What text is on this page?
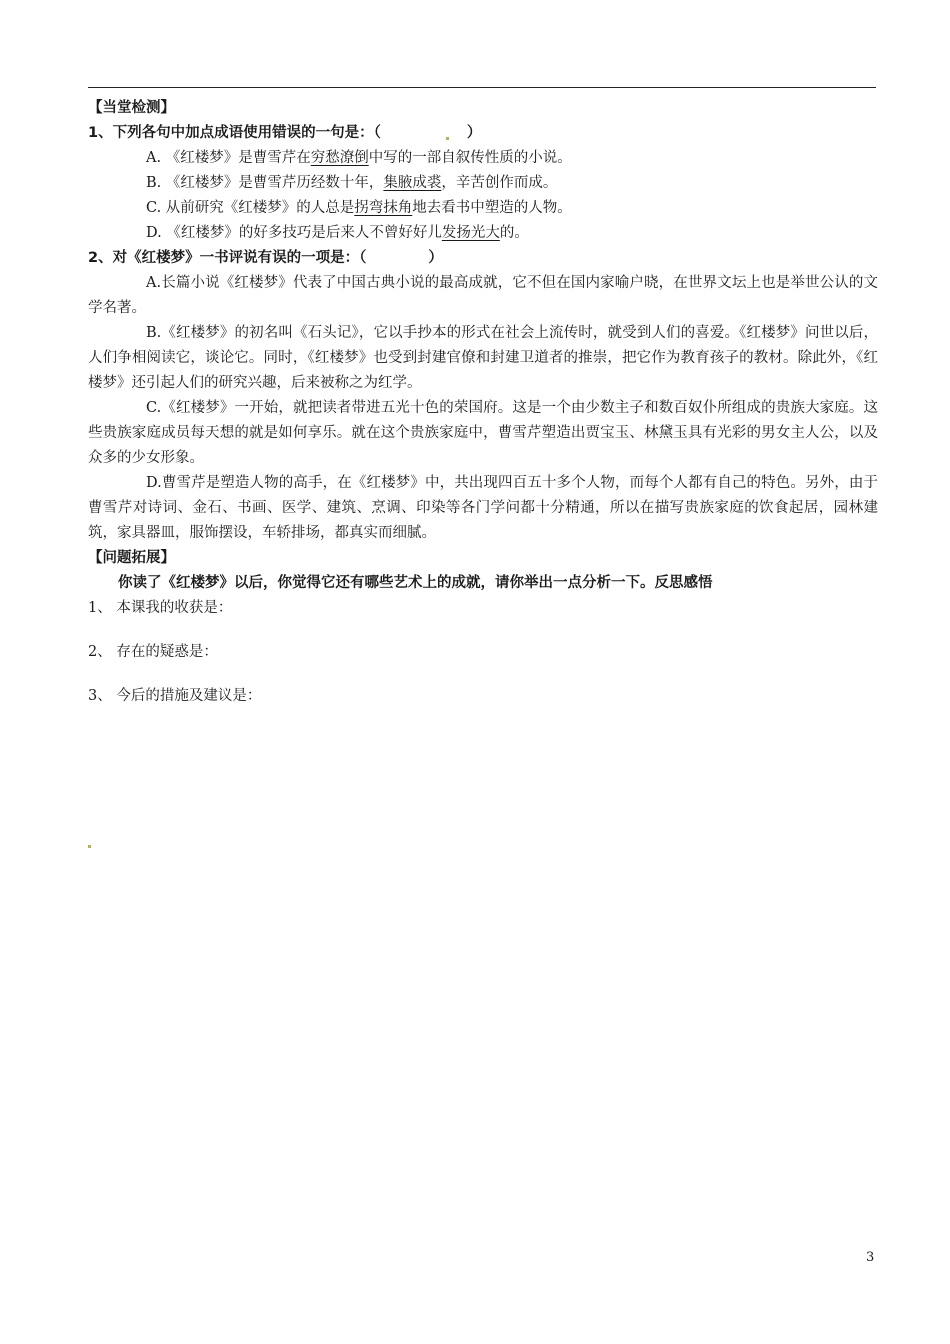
【当堂检测】
1、下列各句中加点成语使用错误的一句是：（	）
A. 《红楼梦》是曹雪芹在穷愁潦倒中写的一部自叙传性质的小说。
B. 《红楼梦》是曹雪芹历经数十年，集腋成裘，辛苦创作而成。
C. 从前研究《红楼梦》的人总是拐弯抹角地去看书中塑造的人物。
D. 《红楼梦》的好多技巧是后来人不曾好好儿发扬光大的。
2、对《红楼梦》一书评说有误的一项是：（	）
A.长篇小说《红楼梦》代表了中国古典小说的最高成就，它不但在国内家喻户晓，在世界文坛上也是举世公认的文学名著。
B.《红楼梦》的初名叫《石头记》，它以手抄本的形式在社会上流传时，就受到人们的喜爱。《红楼梦》问世以后，人们争相阅读它，谈论它。同时，《红楼梦》也受到封建官僚和封建卫道者的推崇，把它作为教育孩子的教材。除此外，《红楼梦》还引起人们的研究兴趣，后来被称之为红学。
C.《红楼梦》一开始，就把读者带进五光十色的荣国府。这是一个由少数主子和数百奴仆所组成的贵族大家庭。这些贵族家庭成员每天想的就是如何享乐。就在这个贵族家庭中，曹雪芹塑造出贾宝玉、林黛玉具有光彩的男女主人公，以及众多的少女形象。
D.曹雪芹是塑造人物的高手，在《红楼梦》中，共出现四百五十多个人物，而每个人都有自己的特色。另外，由于曹雪芹对诗词、金石、书画、医学、建筑、烹调、印染等各门学问都十分精通，所以在描写贵族家庭的饮食起居，园林建筑，家具器皿，服饰摆设，车轿排场，都真实而细腻。
【问题拓展】
你读了《红楼梦》以后，你觉得它还有哪些艺术上的成就，请你举出一点分析一下。反思感悟
1、 本课我的收获是：
2、 存在的疑惑是：
3、 今后的措施及建议是：
3
